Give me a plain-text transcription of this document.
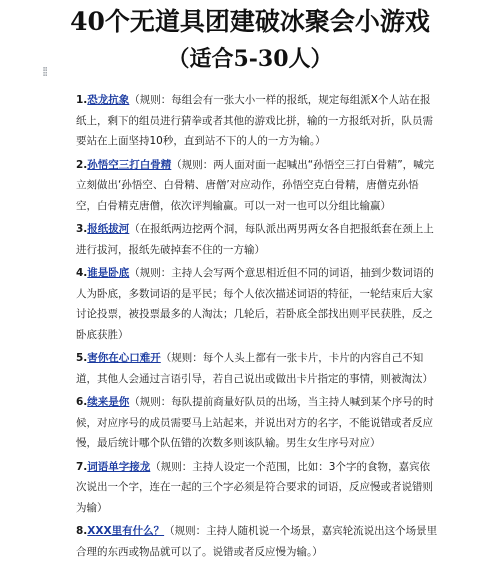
40个无道具团建破冰聚会小游戏
（适合5-30人）
⁞⁞

1.恐龙抗象（规则：每组会有一张大小一样的报纸，规定每组派X个人站在报纸上，剩下的组员进行猜拳或者其他的游戏比拼，输的一方报纸对折，队员需要站在上面坚持10秒，直到站不下的人的一方为输。）

2.孙悟空三打白骨精（规则：两人面对面一起喊出“孙悟空三打白骨精”，喊完立刻做出‘孙悟空、白骨精、唐僧’对应动作，孙悟空克白骨精，唐僧克孙悟空，白骨精克唐僧，依次评判输赢。可以一对一也可以分组比输赢）

3.报纸拔河（在报纸两边挖两个洞，每队派出两男两女各自把报纸套在颈上上进行拔河，报纸先破掉套不住的一方输）

4.谁是卧底（规则：主持人会写两个意思相近但不同的词语，抽到少数词语的人为卧底，多数词语的是平民；每个人依次描述词语的特征，一轮结束后大家讨论投票，被投票最多的人淘汰；几轮后，若卧底全部找出则平民获胜，反之卧底获胜）

5.害你在心口难开（规则：每个人头上都有一张卡片，卡片的内容自己不知道，其他人会通过言语引导，若自己说出或做出卡片指定的事情，则被淘汰）

6.续来是你（规则：每队提前商量好队员的出场，当主持人喊到某个序号的时候，对应序号的成员需要马上站起来，并说出对方的名字，不能说错或者反应慢，最后统计哪个队伍错的次数多则该队输。男生女生序号对应）

7.词语单字接龙（规则：主持人设定一个范围，比如：3个字的食物，嘉宾依次说出一个字，连在一起的三个字必须是符合要求的词语，反应慢或者说错则为输）

8.XXX里有什么？（规则：主持人随机说一个场景，嘉宾轮流说出这个场景里合理的东西或物品就可以了。说错或者反应慢为输。）
